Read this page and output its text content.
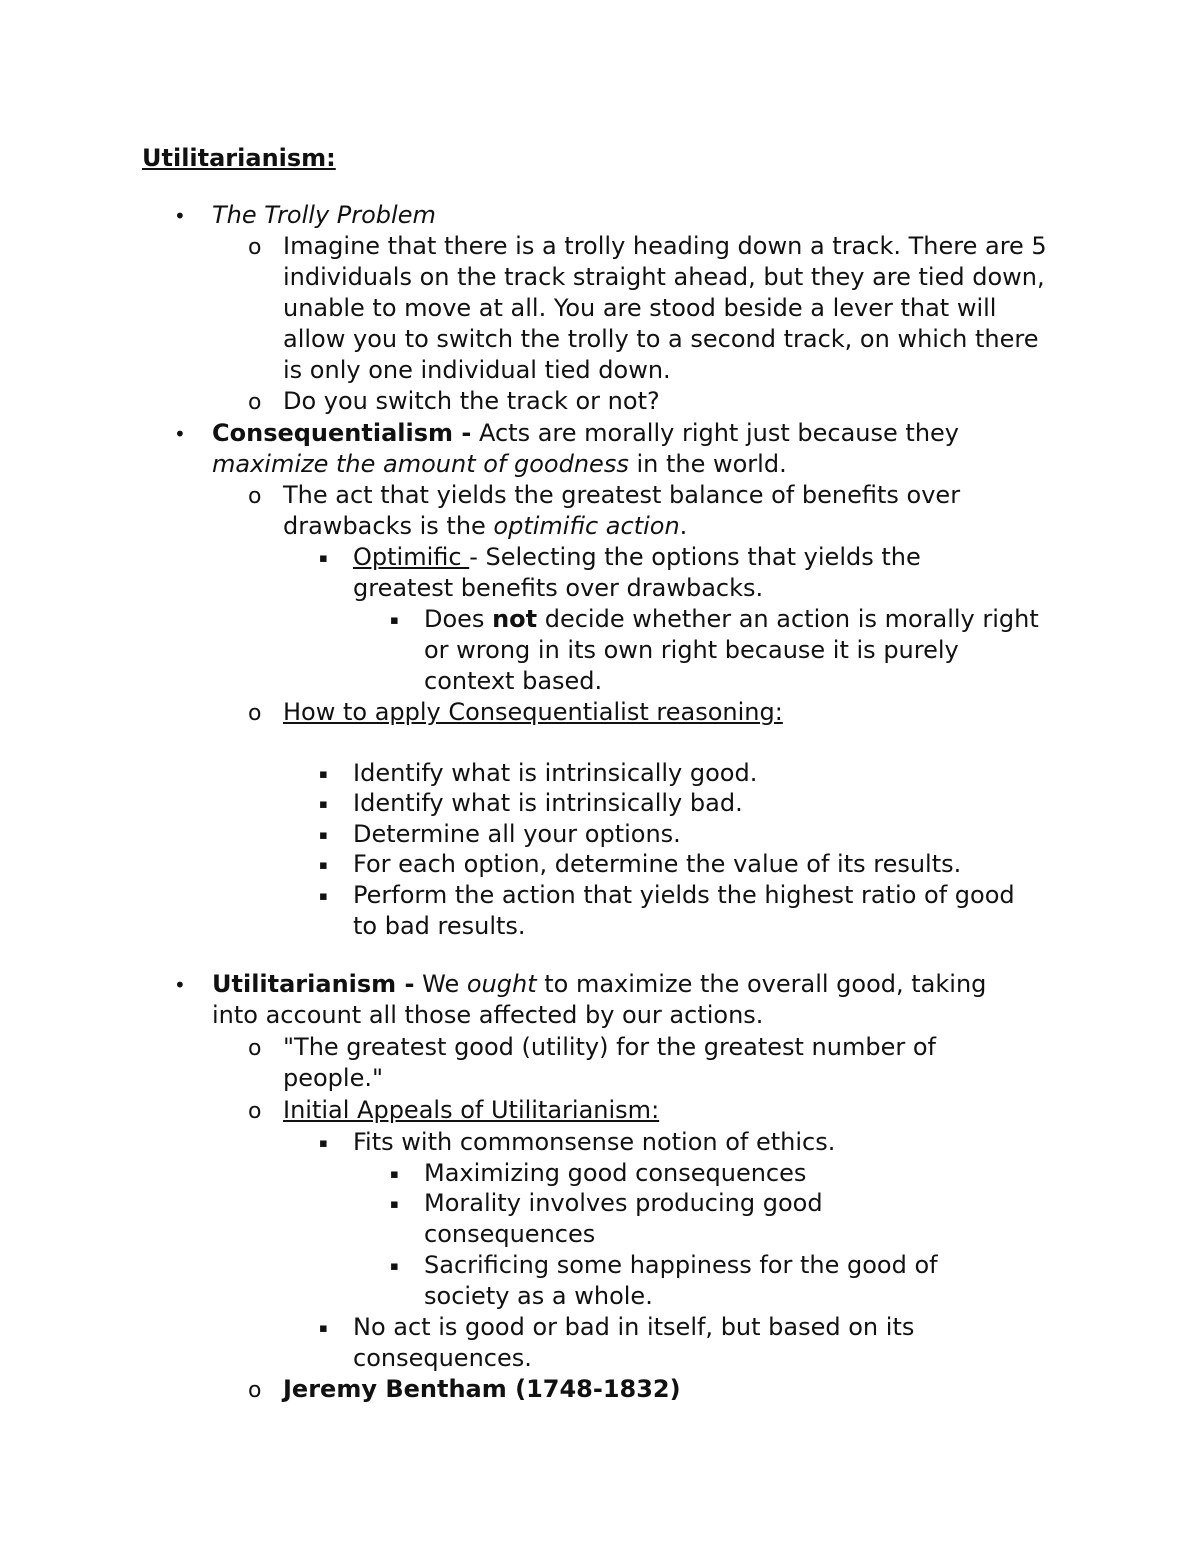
Utilitarianism:
• The Trolly Problem
o Imagine that there is a trolly heading down a track. There are 5 individuals on the track straight ahead, but they are tied down, unable to move at all. You are stood beside a lever that will allow you to switch the trolly to a second track, on which there is only one individual tied down.
o Do you switch the track or not?
• Consequentialism - Acts are morally right just because they maximize the amount of goodness in the world.
o The act that yields the greatest balance of benefits over drawbacks is the optimific action.
▪ Optimific - Selecting the options that yields the greatest benefits over drawbacks.
▪ Does not decide whether an action is morally right or wrong in its own right because it is purely context based.
o How to apply Consequentialist reasoning:
▪ Identify what is intrinsically good.
▪ Identify what is intrinsically bad.
▪ Determine all your options.
▪ For each option, determine the value of its results.
▪ Perform the action that yields the highest ratio of good to bad results.
• Utilitarianism - We ought to maximize the overall good, taking into account all those affected by our actions.
o "The greatest good (utility) for the greatest number of people."
o Initial Appeals of Utilitarianism:
▪ Fits with commonsense notion of ethics.
▪ Maximizing good consequences
▪ Morality involves producing good consequences
▪ Sacrificing some happiness for the good of society as a whole.
▪ No act is good or bad in itself, but based on its consequences.
o Jeremy Bentham (1748-1832)
